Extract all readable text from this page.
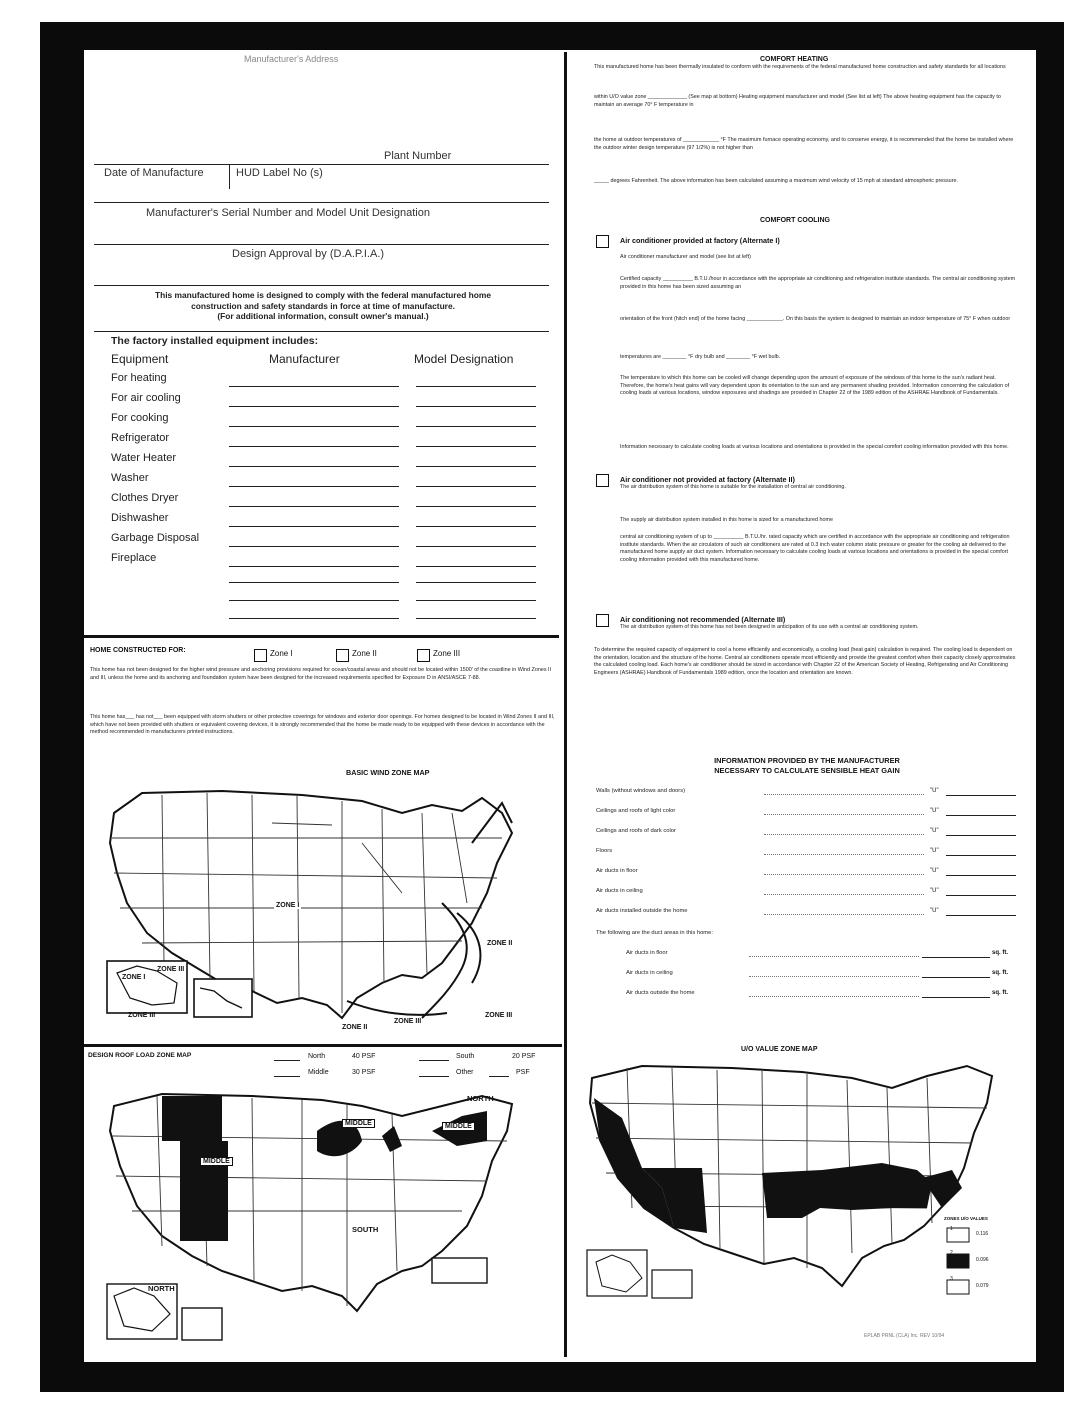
Manufacturer's Address
Plant Number
Date of Manufacture	HUD Label No (s)
Manufacturer's Serial Number and Model Unit Designation
Design Approval by (D.A.P.I.A.)
This manufactured home is designed to comply with the federal manufactured home
construction and safety standards in force at time of manufacture.
(For additional information, consult owner's manual.)
The factory installed equipment includes:
Equipment	Manufacturer	Model Designation
For heating
For air cooling
For cooking
Refrigerator
Water Heater
Washer
Clothes Dryer
Dishwasher
Garbage Disposal
Fireplace
HOME CONSTRUCTED FOR:	Zone I	Zone II	Zone III
This home has not been designed for the higher wind pressure and anchoring provisions required for ocean/coastal areas and should not be located within 1500' of the coastline in Wind Zones II and III, unless the home and its anchoring and foundation system have been designed for the increased requirements specified for Exposure D in ANSI/ASCE 7-88.
This home has___ has not___ been equipped with storm shutters or other protective coverings for windows and exterior door openings. For homes designed to be located in Wind Zones II and III, which have not been provided with shutters or equivalent covering devices, it is strongly recommended that the home be made ready to be equipped with these devices in accordance with the method recommended in manufacturers printed instructions.
BASIC WIND ZONE MAP
ZONE I
ZONE II
ZONE III
ZONE II
ZONE III
ZONE III
ZONE I
ZONE III
DESIGN ROOF LOAD ZONE MAP	North	40 PSF	South	20 PSF
Middle	30 PSF	Other	PSF
NORTH
MIDDLE	MIDDLE
MIDDLE
SOUTH
NORTH
COMFORT HEATING
This manufactured home has been thermally insulated to conform with the requirements of the federal manufactured home construction and safety standards for all locations
within U/O value zone _____________ (See map at bottom) Heating equipment manufacturer and model (See list at left) The above heating equipment has the capacity to maintain an average 70° F temperature in
the home at outdoor temperatures of ____________ °F The maximum furnace operating economy, and to conserve energy, it is recommended that the home be installed where the outdoor winter design temperature (97 1/2%) is not higher than
_____ degrees Fahrenheit. The above information has been calculated assuming a maximum wind velocity of 15 mph at standard atmospheric pressure.
COMFORT COOLING
Air conditioner provided at factory (Alternate I)
Air conditioner manufacturer and model (see list at left)
Certified capacity __________ B.T.U./hour in accordance with the appropriate air conditioning and refrigeration institute standards. The central air conditioning system provided in this home has been sized assuming an
orientation of the front (hitch end) of the home facing ____________. On this basis the system is designed to maintain an indoor temperature of 75° F when outdoor
temperatures are ________ °F dry bulb and ________ °F wet bulb.
The temperature to which this home can be cooled will change depending upon the amount of exposure of the windows of this home to the sun's radiant heat. Therefore, the home's heat gains will vary dependent upon its orientation to the sun and any permanent shading provided. Information concerning the calculation of cooling loads at various locations, window exposures and shadings are provided in Chapter 22 of the 1989 edition of the ASHRAE Handbook of Fundamentals.
Information necessary to calculate cooling loads at various locations and orientations is provided in the special comfort cooling information provided with this home.
Air conditioner not provided at factory (Alternate II)
The air distribution system of this home is suitable for the installation of central air conditioning.
The supply air distribution system installed in this home is sized for a manufactured home
central air conditioning system of up to __________ B.T.U./hr. rated capacity which are certified in accordance with the appropriate air conditioning and refrigeration institute standards. When the air circulators of such air conditioners are rated at 0.3 inch water column static pressure or greater for the cooling air delivered to the manufactured home supply air duct system. Information necessary to calculate cooling loads at various locations and orientations is provided in the special comfort cooling information provided with this manufactured home.
Air conditioning not recommended (Alternate III)
The air distribution system of this home has not been designed in anticipation of its use with a central air conditioning system.
To determine the required capacity of equipment to cool a home efficiently and economically, a cooling load (heat gain) calculation is required. The cooling load is dependent on the orientation, location and the structure of the home. Central air conditioners operate most efficiently and provide the greatest comfort when their capacity closely approximates the calculated cooling load. Each home's air conditioner should be sized in accordance with Chapter 22 of the American Society of Heating, Refrigerating and Air Conditioning Engineers (ASHRAE) Handbook of Fundamentals 1989 edition, once the location and orientation are known.
INFORMATION PROVIDED BY THE MANUFACTURER
NECESSARY TO CALCULATE SENSIBLE HEAT GAIN
Walls (without windows and doors)	"U"
Ceilings and roofs of light color	"U"
Ceilings and roofs of dark color	"U"
Floors	"U"
Air ducts in floor	"U"
Air ducts in ceiling	"U"
Air ducts installed outside the home	"U"
The following are the duct areas in this home:
Air ducts in floor	sq. ft.
Air ducts in ceiling	sq. ft.
Air ducts outside the home	sq. ft.
U/O VALUE ZONE MAP
ZONES U/O VALUES
1
0.116
2
0.096
3
0.079
EPLAB PRNL (CLA) Inc. REV 10/94
